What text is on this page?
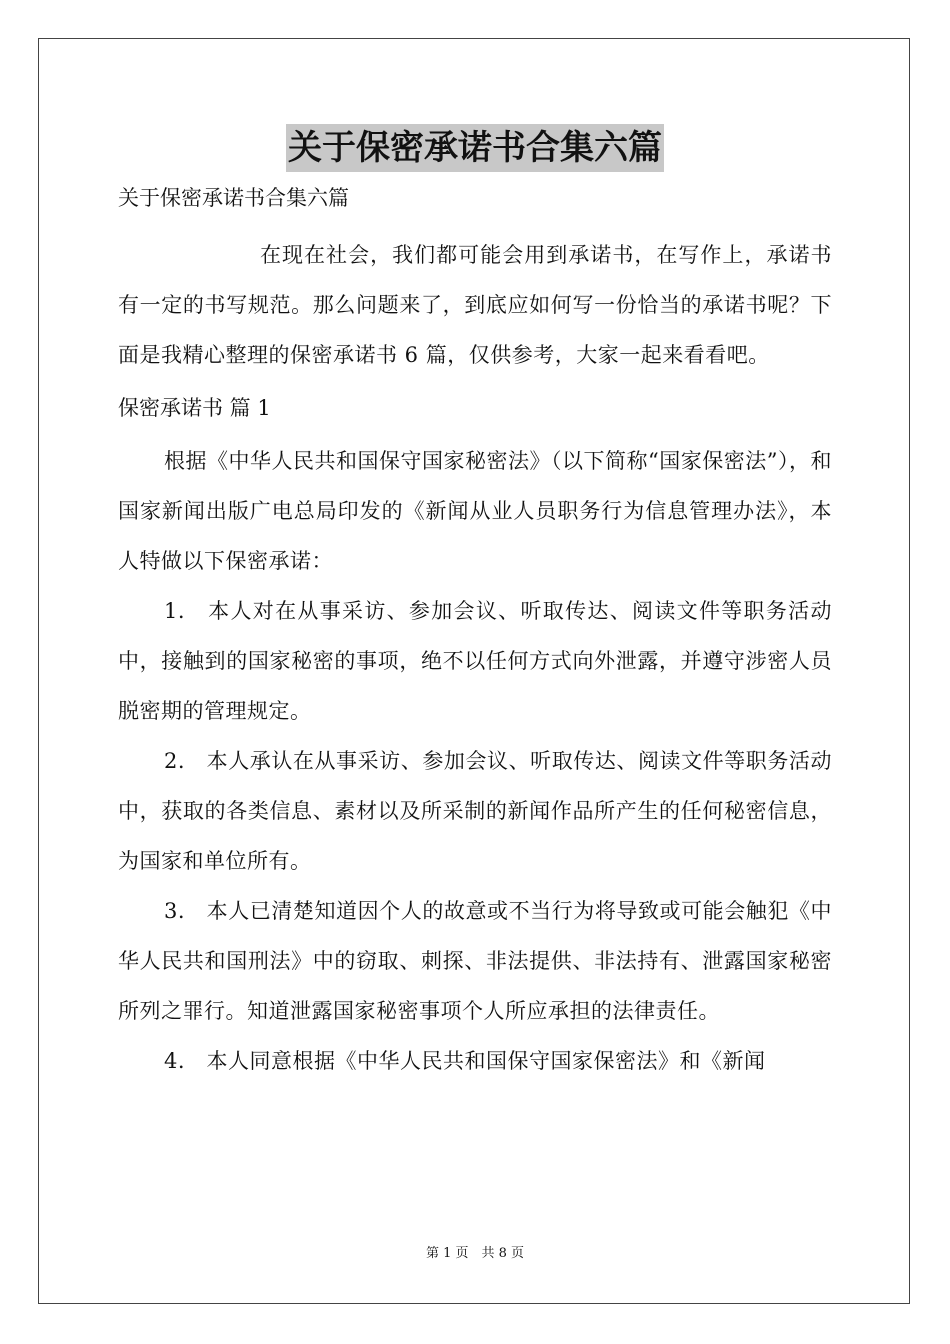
关于保密承诺书合集六篇

关于保密承诺书合集六篇

在现在社会，我们都可能会用到承诺书，在写作上，承诺书有一定的书写规范。那么问题来了，到底应如何写一份恰当的承诺书呢？下面是我精心整理的保密承诺书 6 篇，仅供参考，大家一起来看看吧。

保密承诺书 篇 1

根据《中华人民共和国保守国家秘密法》（以下简称“国家保密法”），和国家新闻出版广电总局印发的《新闻从业人员职务行为信息管理办法》，本人特做以下保密承诺：

1.　本人对在从事采访、参加会议、听取传达、阅读文件等职务活动中，接触到的国家秘密的事项，绝不以任何方式向外泄露，并遵守涉密人员脱密期的管理规定。

2.　本人承认在从事采访、参加会议、听取传达、阅读文件等职务活动中，获取的各类信息、素材以及所采制的新闻作品所产生的任何秘密信息，为国家和单位所有。

3.　本人已清楚知道因个人的故意或不当行为将导致或可能会触犯《中华人民共和国刑法》中的窃取、刺探、非法提供、非法持有、泄露国家秘密所列之罪行。知道泄露国家秘密事项个人所应承担的法律责任。

4.　本人同意根据《中华人民共和国保守国家保密法》和《新闻

第 1 页　共 8 页
